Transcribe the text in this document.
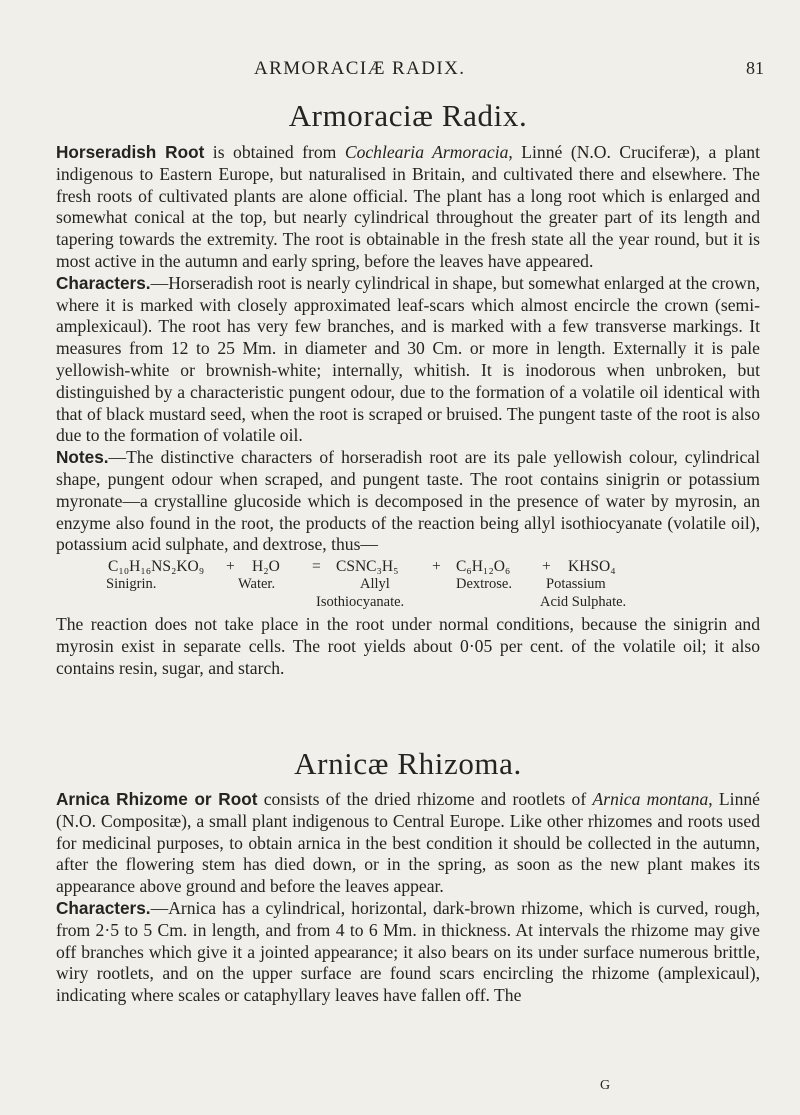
ARMORACIÆ RADIX.	81
Armoraciæ Radix.

Horseradish Root is obtained from Cochlearia Armoracia, Linné (N.O. Cruciferæ), a plant indigenous to Eastern Europe, but naturalised in Britain, and cultivated there and elsewhere. The fresh roots of cultivated plants are alone official. The plant has a long root which is enlarged and somewhat conical at the top, but nearly cylindrical throughout the greater part of its length and tapering towards the extremity. The root is obtainable in the fresh state all the year round, but it is most active in the autumn and early spring, before the leaves have appeared.

Characters.—Horseradish root is nearly cylindrical in shape, but somewhat enlarged at the crown, where it is marked with closely approximated leaf-scars which almost encircle the crown (semi-amplexicaul). The root has very few branches, and is marked with a few transverse markings. It measures from 12 to 25 Mm. in diameter and 30 Cm. or more in length. Externally it is pale yellowish-white or brownish-white; internally, whitish. It is inodorous when unbroken, but distinguished by a characteristic pungent odour, due to the formation of a volatile oil identical with that of black mustard seed, when the root is scraped or bruised. The pungent taste of the root is also due to the formation of volatile oil.

Notes.—The distinctive characters of horseradish root are its pale yellowish colour, cylindrical shape, pungent odour when scraped, and pungent taste. The root contains sinigrin or potassium myronate—a crystalline glucoside which is decomposed in the presence of water by myrosin, an enzyme also found in the root, the products of the reaction being allyl isothiocyanate (volatile oil), potassium acid sulphate, and dextrose, thus—

C₁₀H₁₆NS₂KO₉ + H₂O = CSNC₃H₅ + C₆H₁₂O₆ + KHSO₄
Sinigrin.	Water.	Allyl
Isothiocyanate.
Dextrose. Potassium
Acid Sulphate.

The reaction does not take place in the root under normal conditions, because the sinigrin and myrosin exist in separate cells. The root yields about 0·05 per cent. of the volatile oil; it also contains resin, sugar, and starch.

Arnicæ Rhizoma.

Arnica Rhizome or Root consists of the dried rhizome and rootlets of Arnica montana, Linné (N.O. Compositæ), a small plant indigenous to Central Europe. Like other rhizomes and roots used for medicinal purposes, to obtain arnica in the best condition it should be collected in the autumn, after the flowering stem has died down, or in the spring, as soon as the new plant makes its appearance above ground and before the leaves appear.

Characters.—Arnica has a cylindrical, horizontal, dark-brown rhizome, which is curved, rough, from 2·5 to 5 Cm. in length, and from 4 to 6 Mm. in thickness. At intervals the rhizome may give off branches which give it a jointed appearance; it also bears on its under surface numerous brittle, wiry rootlets, and on the upper surface are found scars encircling the rhizome (amplexicaul), indicating where scales or cataphyllary leaves have fallen off. The

G
